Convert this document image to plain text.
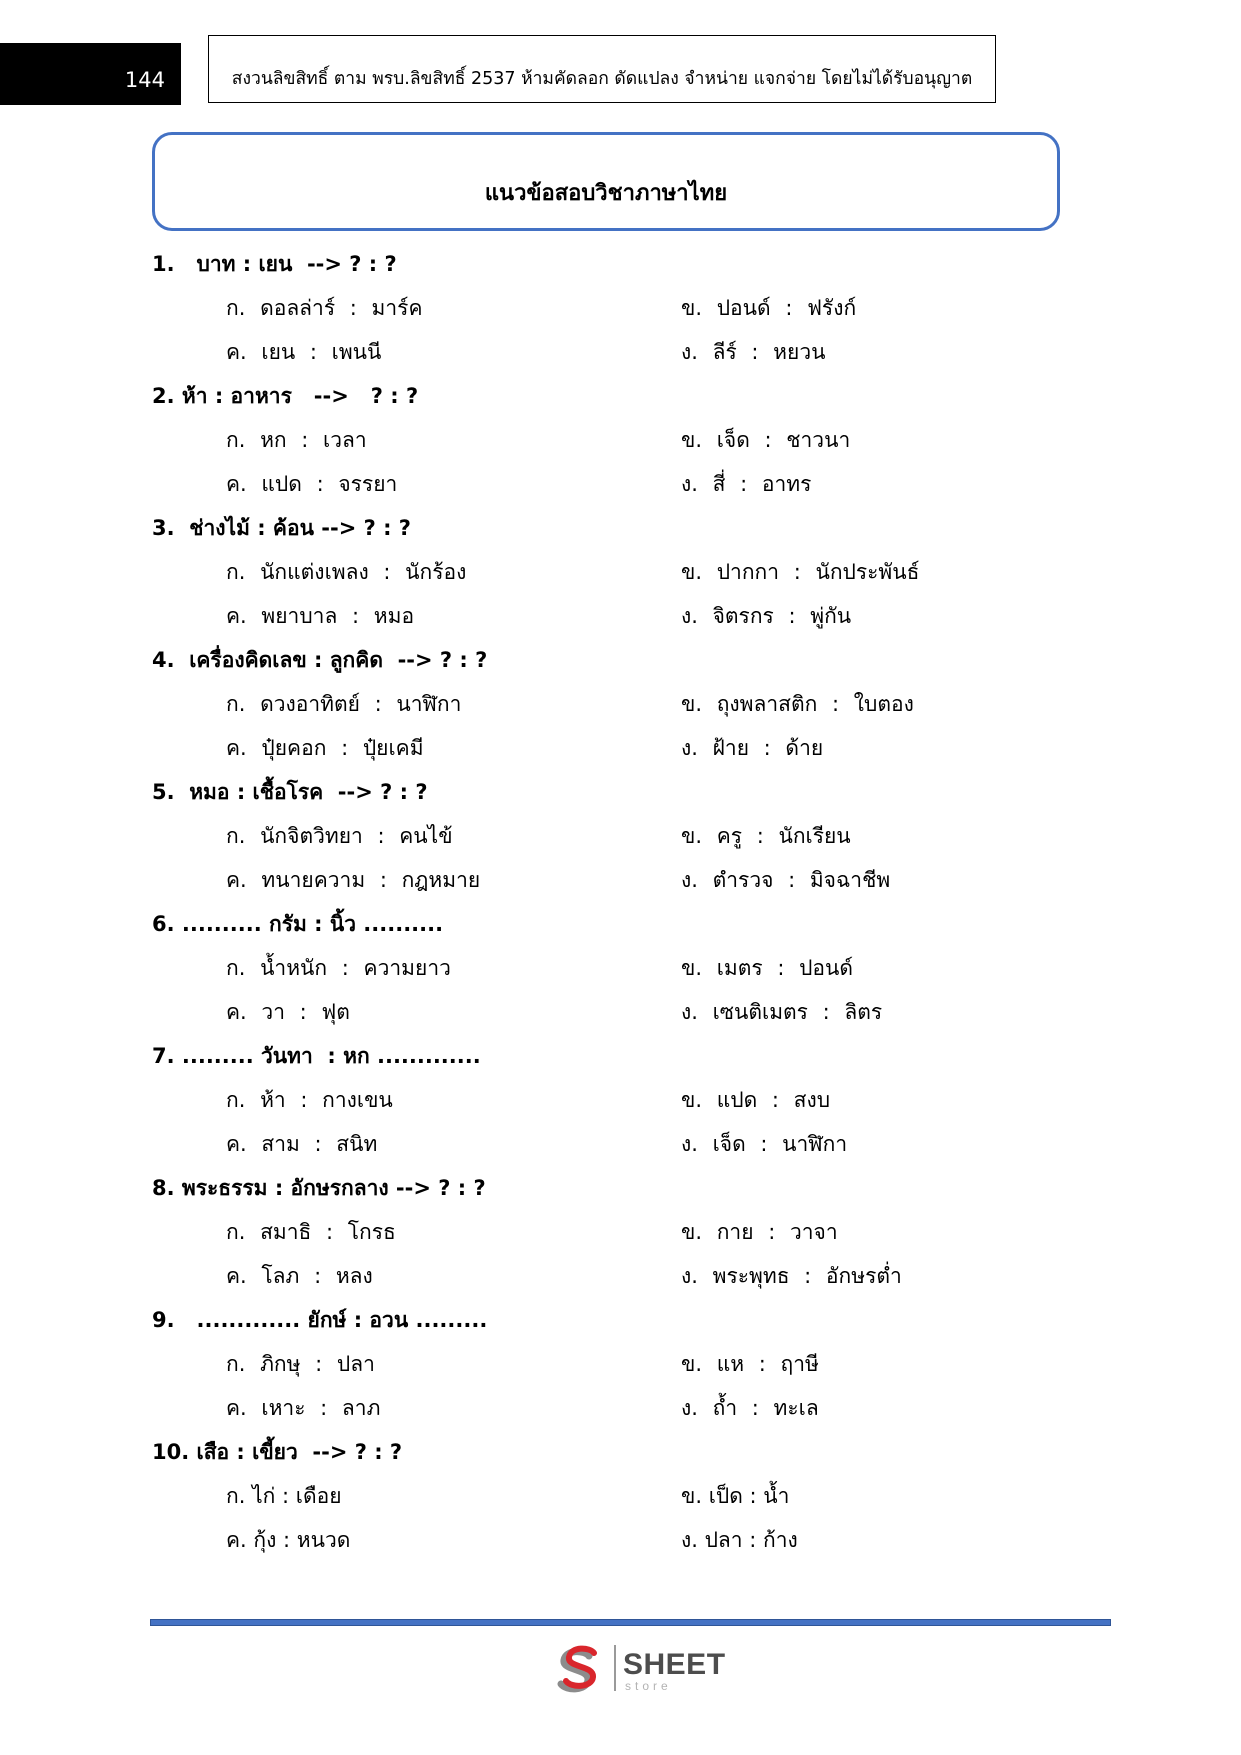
144	สงวนลิขสิทธิ์ ตาม พรบ.ลิขสิทธิ์ 2537 ห้ามคัดลอก ดัดแปลง จำหน่าย แจกจ่าย โดยไม่ได้รับอนุญาต
แนวข้อสอบวิชาภาษาไทย
1.   บาท : เยน  --> ? : ?
ก. ดอลล่าร์ : มาร์ค	ข. ปอนด์ : ฟรังก์
ค. เยน : เพนนี	ง. ลีร์ : หยวน
2. ห้า : อาหาร   -->   ? : ?
ก. หก : เวลา	ข. เจ็ด : ชาวนา
ค. แปด : จรรยา	ง. สี่ : อาทร
3.  ช่างไม้ : ค้อน --> ? : ?
ก. นักแต่งเพลง : นักร้อง	ข. ปากกา : นักประพันธ์
ค. พยาบาล : หมอ	ง. จิตรกร : พู่กัน
4.  เครื่องคิดเลข : ลูกคิด  --> ? : ?
ก. ดวงอาทิตย์ : นาฬิกา	ข. ถุงพลาสติก : ใบตอง
ค. ปุ๋ยคอก : ปุ๋ยเคมี	ง. ฝ้าย : ด้าย
5.  หมอ : เชื้อโรค  --> ? : ?
ก. นักจิตวิทยา : คนไข้	ข. ครู : นักเรียน
ค. ทนายความ : กฎหมาย	ง. ตำรวจ : มิจฉาชีพ
6. .......... กรัม : นิ้ว ..........
ก. น้ำหนัก : ความยาว	ข. เมตร : ปอนด์
ค. วา : ฟุต	ง. เซนติเมตร : ลิตร
7. ......... วันทา  : หก .............
ก. ห้า : กางเขน	ข. แปด : สงบ
ค. สาม : สนิท	ง. เจ็ด : นาฬิกา
8. พระธรรม : อักษรกลาง --> ? : ?
ก. สมาธิ : โกรธ	ข. กาย : วาจา
ค. โลภ : หลง	ง. พระพุทธ : อักษรต่ำ
9.   ............. ยักษ์ : อวน .........
ก. ภิกษุ : ปลา	ข. แห : ฤาษี
ค. เหาะ : ลาภ	ง. ถ้ำ : ทะเล
10. เสือ : เขี้ยว  --> ? : ?
ก. ไก่ : เดือย	ข. เป็ด : น้ำ
ค. กุ้ง : หนวด	ง. ปลา : ก้าง
SHEET
store
